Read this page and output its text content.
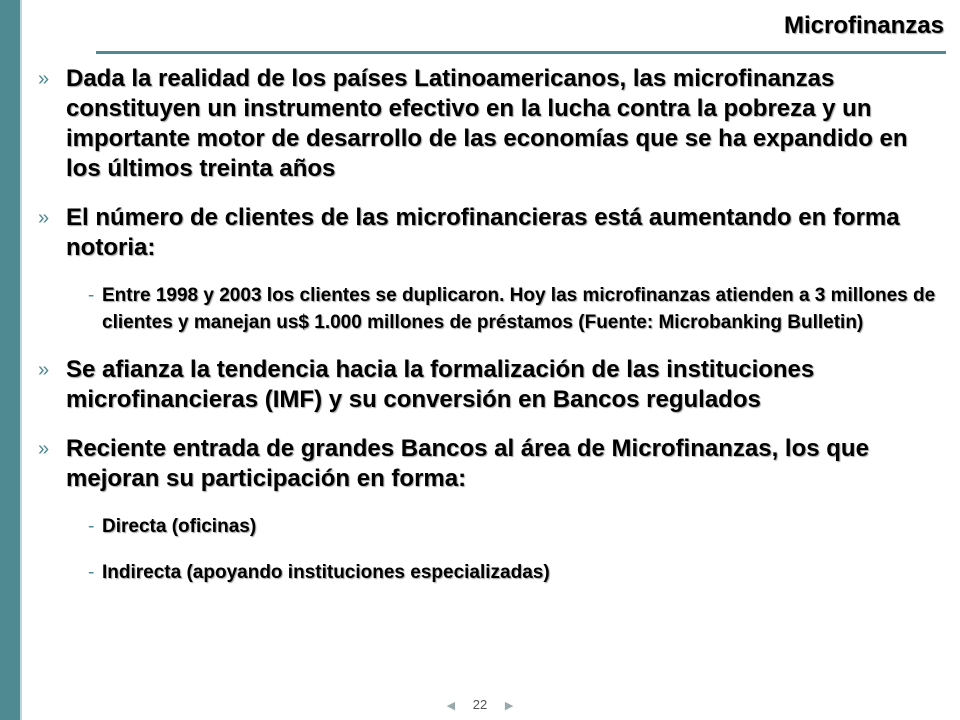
Microfinanzas
» Dada la realidad de los países Latinoamericanos, las microfinanzas constituyen un instrumento efectivo en la lucha contra la pobreza y un importante motor de desarrollo de las economías que se ha expandido en los últimos treinta años
» El número de clientes de las microfinancieras está aumentando en forma notoria:
- Entre 1998 y 2003 los clientes se duplicaron. Hoy las microfinanzas atienden a 3 millones de clientes y manejan us$ 1.000 millones de préstamos (Fuente: Microbanking Bulletin)
» Se afianza la tendencia hacia la formalización de las instituciones microfinancieras (IMF) y su conversión en Bancos regulados
» Reciente entrada de grandes Bancos al área de Microfinanzas, los que mejoran su participación en forma:
- Directa (oficinas)
- Indirecta (apoyando instituciones especializadas)
◀ 22 ▶
